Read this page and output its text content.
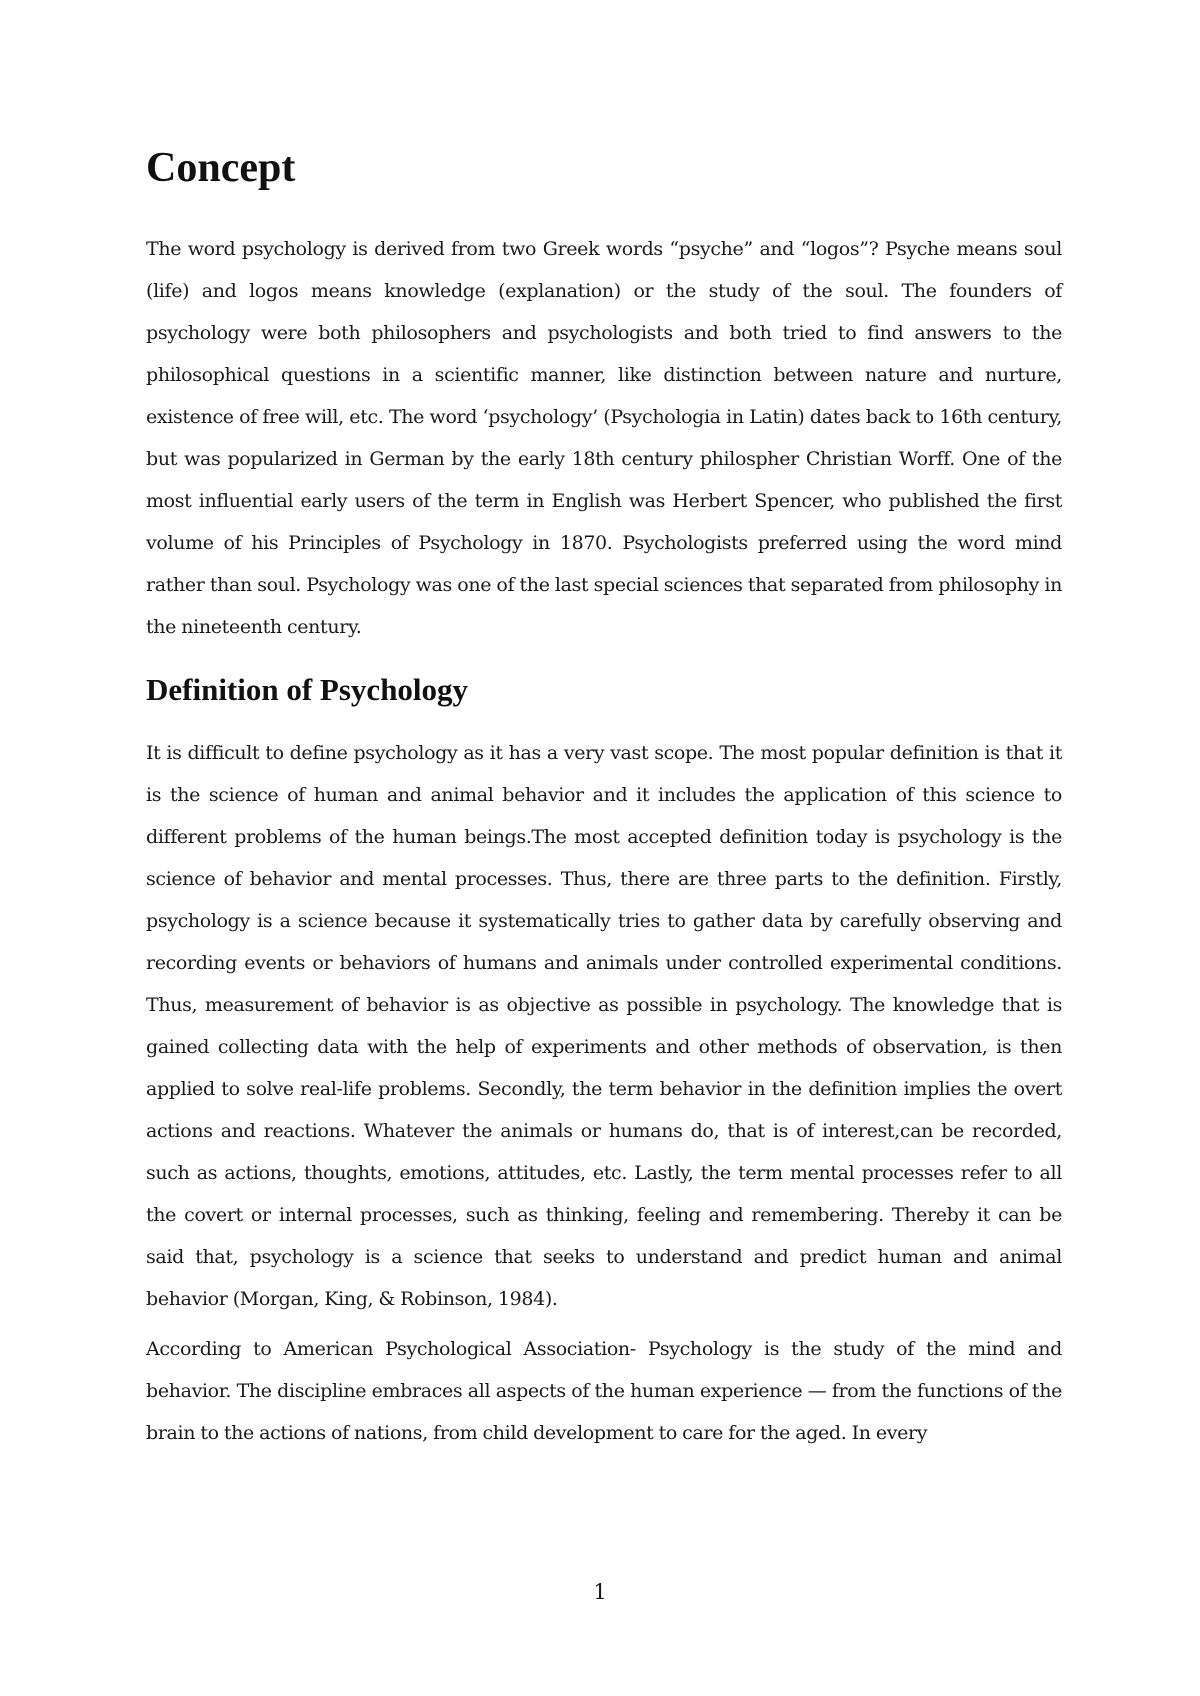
Concept

The word psychology is derived from two Greek words “psyche” and “logos”? Psyche means soul (life) and logos means knowledge (explanation) or the study of the soul. The founders of psychology were both philosophers and psychologists and both tried to find answers to the philosophical questions in a scientific manner, like distinction between nature and nurture, existence of free will, etc. The word ‘psychology’ (Psychologia in Latin) dates back to 16th century, but was popularized in German by the early 18th century philospher Christian Worff. One of the most influential early users of the term in English was Herbert Spencer, who published the first volume of his Principles of Psychology in 1870. Psychologists preferred using the word mind rather than soul. Psychology was one of the last special sciences that separated from philosophy in the nineteenth century.

Definition of Psychology

It is difficult to define psychology as it has a very vast scope. The most popular definition is that it is the science of human and animal behavior and it includes the application of this science to different problems of the human beings.The most accepted definition today is psychology is the science of behavior and mental processes. Thus, there are three parts to the definition. Firstly, psychology is a science because it systematically tries to gather data by carefully observing and recording events or behaviors of humans and animals under controlled experimental conditions. Thus, measurement of behavior is as objective as possible in psychology. The knowledge that is gained collecting data with the help of experiments and other methods of observation, is then applied to solve real-life problems. Secondly, the term behavior in the definition implies the overt actions and reactions. Whatever the animals or humans do, that is of interest,can be recorded, such as actions, thoughts, emotions, attitudes, etc. Lastly, the term mental processes refer to all the covert or internal processes, such as thinking, feeling and remembering. Thereby it can be said that, psychology is a science that seeks to understand and predict human and animal behavior (Morgan, King, & Robinson, 1984).

According to American Psychological Association- Psychology is the study of the mind and behavior. The discipline embraces all aspects of the human experience — from the functions of the brain to the actions of nations, from child development to care for the aged. In every

1
